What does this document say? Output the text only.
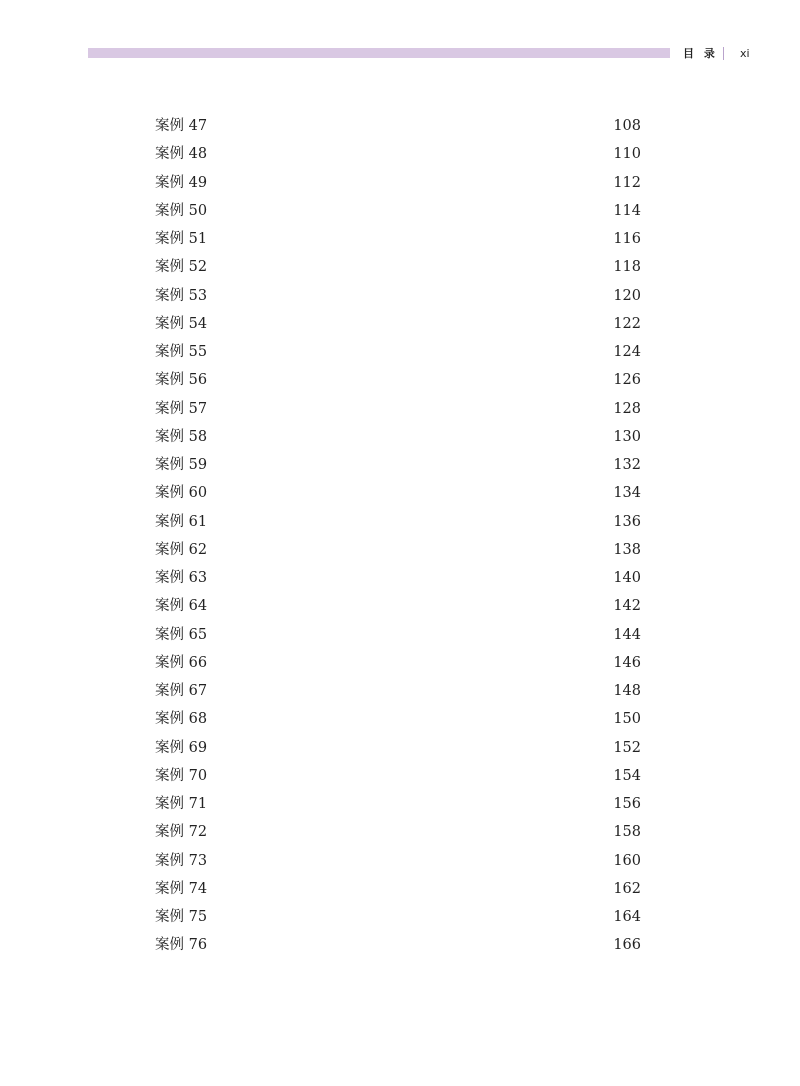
目 录 xi
案例 47	108
案例 48	110
案例 49	112
案例 50	114
案例 51	116
案例 52	118
案例 53	120
案例 54	122
案例 55	124
案例 56	126
案例 57	128
案例 58	130
案例 59	132
案例 60	134
案例 61	136
案例 62	138
案例 63	140
案例 64	142
案例 65	144
案例 66	146
案例 67	148
案例 68	150
案例 69	152
案例 70	154
案例 71	156
案例 72	158
案例 73	160
案例 74	162
案例 75	164
案例 76	166
